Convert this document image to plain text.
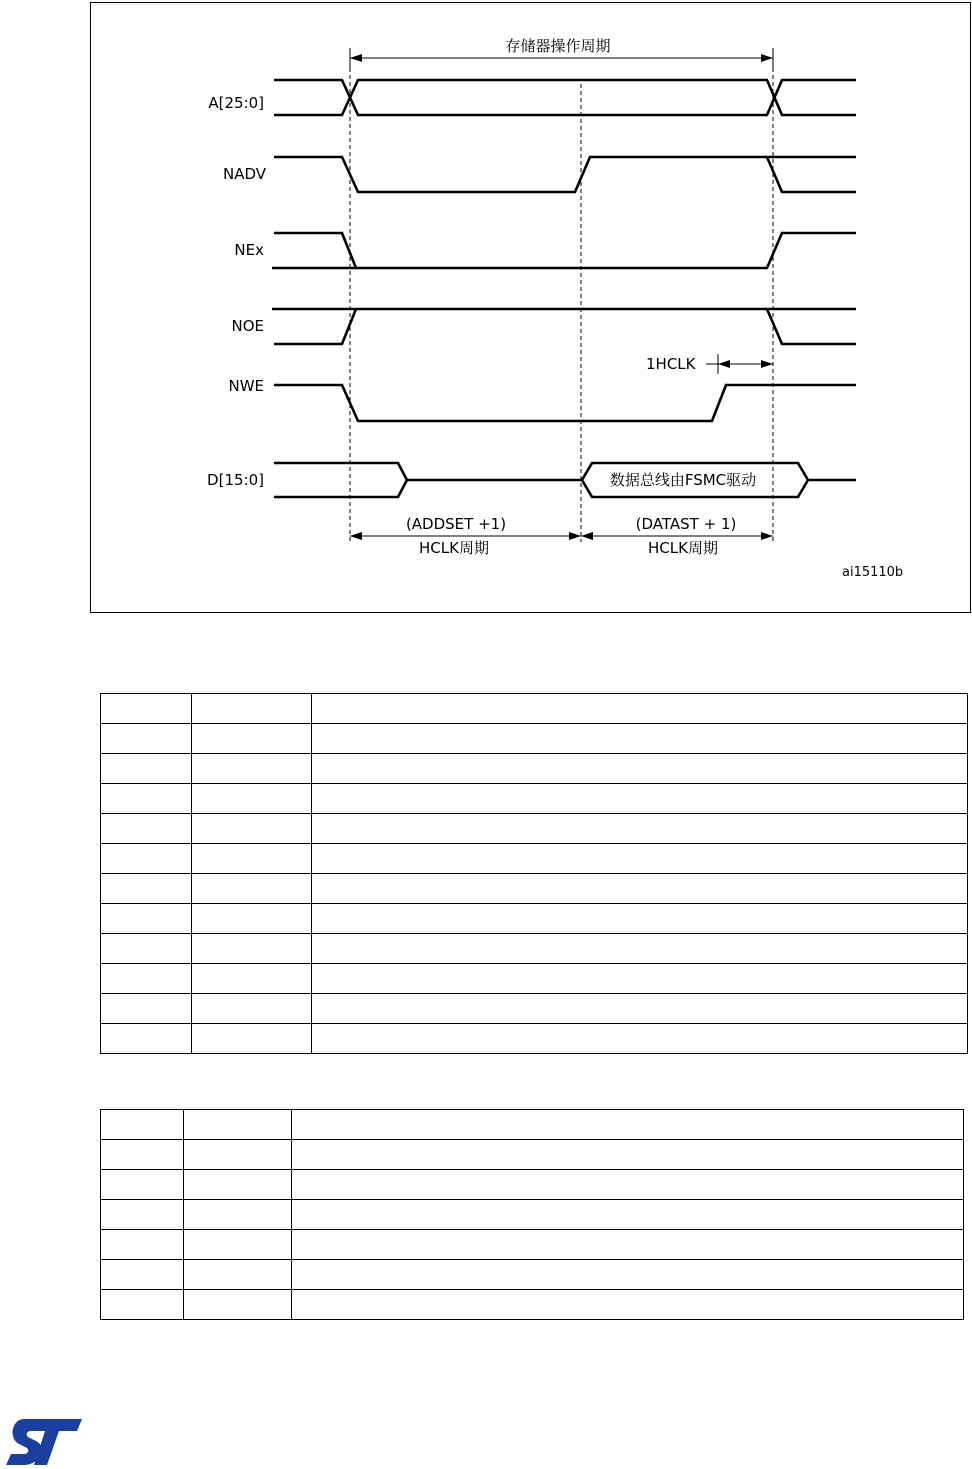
存储器操作周期
A[25:0]
NADV
NEx
NOE
NWE
D[15:0]
1HCLK
数据总线由FSMC驱动
(ADDSET +1)
HCLK周期
(DATAST + 1)
HCLK周期
ai15110b
